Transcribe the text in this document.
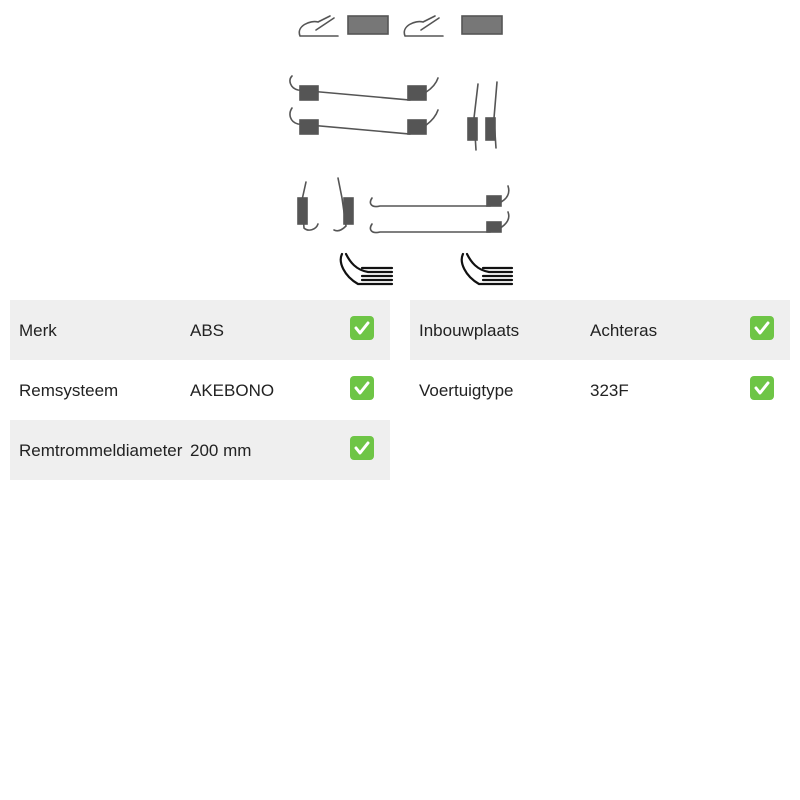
Merk	ABS
Remsysteem	AKEBONO
Remtrommeldiameter 200 mm
Inbouwplaats	Achteras
Voertuigtype	323F
